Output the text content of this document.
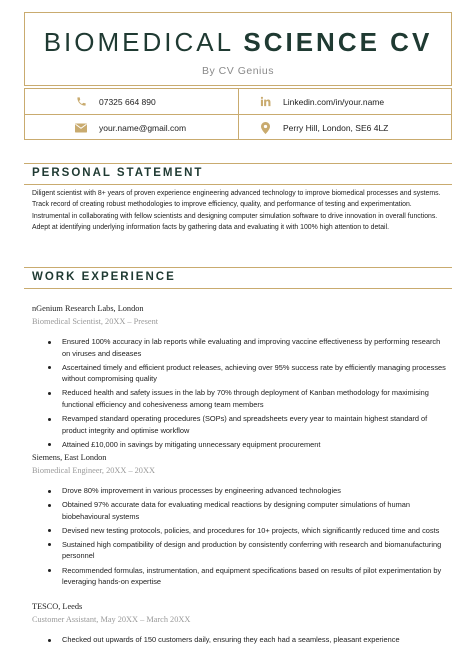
BIOMEDICAL SCIENCE CV
By CV Genius
07325 664 890	Linkedin.com/in/your.name
your.name@gmail.com	Perry Hill, London, SE6 4LZ
PERSONAL STATEMENT
Diligent scientist with 8+ years of proven experience engineering advanced technology to improve biomedical processes and systems. Track record of creating robust methodologies to improve efficiency, quality, and performance of testing and experimentation. Instrumental in collaborating with fellow scientists and designing computer simulation software to drive innovation in overall functions. Adept at identifying underlying information facts by gathering data and evaluating it with 100% high attention to detail.
WORK EXPERIENCE
nGenium Research Labs, London
Biomedical Scientist, 20XX – Present
Ensured 100% accuracy in lab reports while evaluating and improving vaccine effectiveness by performing research on viruses and diseases
Ascertained timely and efficient product releases, achieving over 95% success rate by efficiently managing processes without compromising quality
Reduced health and safety issues in the lab by 70% through deployment of Kanban methodology for maximising functional efficiency and cohesiveness among team members
Revamped standard operating procedures (SOPs) and spreadsheets every year to maintain highest standard of product integrity and optimise workflow
Attained £10,000 in savings by mitigating unnecessary equipment procurement
Siemens, East London
Biomedical Engineer, 20XX – 20XX
Drove 80% improvement in various processes by engineering advanced technologies
Obtained 97% accurate data for evaluating medical reactions by designing computer simulations of human biobehavioural systems
Devised new testing protocols, policies, and procedures for 10+ projects, which significantly reduced time and costs
Sustained high compatibility of design and production by consistently conferring with research and biomanufacturing personnel
Recommended formulas, instrumentation, and equipment specifications based on results of pilot experimentation by leveraging hands-on expertise
TESCO, Leeds
Customer Assistant, May 20XX – March 20XX
Checked out upwards of 150 customers daily, ensuring they each had a seamless, pleasant experience
